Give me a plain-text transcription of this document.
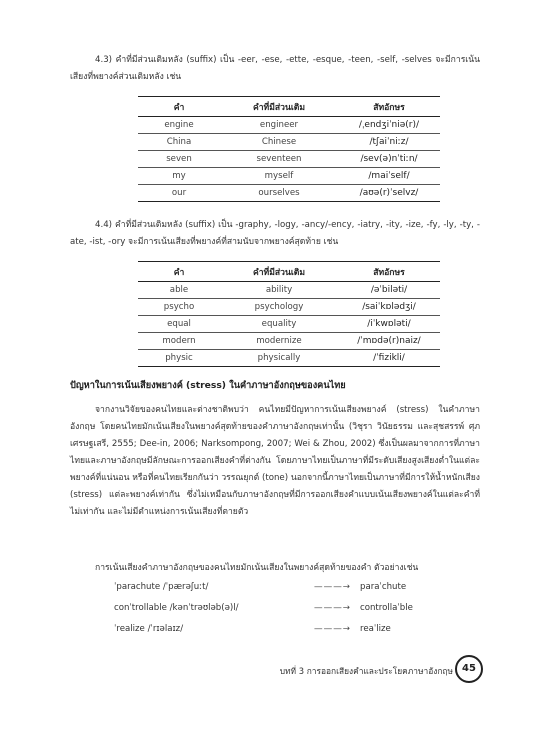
4.3) คำที่มีส่วนเติมหลัง (suffix) เป็น -eer, -ese, -ette, -esque, -teen, -self, -selves จะมีการเน้นเสียงที่พยางค์ส่วนเติมหลัง เช่น

คำ	คำที่มีส่วนเติม	สัทอักษร
engine	engineer	/ˌendʒiˈniə(r)/
China	Chinese	/tʃaiˈniːz/
seven	seventeen	/sev(ə)nˈtiːn/
my	myself	/maiˈself/
our	ourselves	/aʊə(r)ˈselvz/

4.4) คำที่มีส่วนเติมหลัง (suffix) เป็น -graphy, -logy, -ancy/-ency, -iatry, -ity, -ize, -fy, -ly, -ty, -ate, -ist, -ory จะมีการเน้นเสียงที่พยางค์ที่สามนับจากพยางค์สุดท้าย เช่น

คำ	คำที่มีส่วนเติม	สัทอักษร
able	ability	/əˈbiləti/
psycho	psychology	/saiˈkɒlədʒi/
equal	equality	/iˈkwɒləti/
modern	modernize	/ˈmɒdə(r)naiz/
physic	physically	/ˈfizikli/
ปัญหาในการเน้นเสียงพยางค์ (stress) ในคำภาษาอังกฤษของคนไทย

จากงานวิจัยของคนไทยและต่างชาติพบว่า คนไทยมีปัญหาการเน้นเสียงพยางค์ (stress) ในคำภาษาอังกฤษ โดยคนไทยมักเน้นเสียงในพยางค์สุดท้ายของคำภาษาอังกฤษเท่านั้น (วิชุรา วินัยธรรม และสุชสรรพ์ ศุภเศรษฐเสรี, 2555; Dee-in, 2006; Narksompong, 2007; Wei & Zhou, 2002) ซึ่งเป็นผลมาจากการที่ภาษาไทยและภาษาอังกฤษมีลักษณะการออกเสียงคำที่ต่างกัน โดยภาษาไทยเป็นภาษาที่มีระดับเสียงสูงเสียงต่ำในแต่ละพยางค์ที่แน่นอน หรือที่คนไทยเรียกกันว่า วรรณยุกต์ (tone) นอกจากนี้ภาษาไทยเป็นภาษาที่มีการให้น้ำหนักเสียง (stress) แต่ละพยางค์เท่ากัน ซึ่งไม่เหมือนกับภาษาอังกฤษที่มีการออกเสียงคำแบบเน้นเสียงพยางค์ในแต่ละคำที่ไม่เท่ากัน และไม่มีตำแหน่งการเน้นเสียงที่ตายตัว

การเน้นเสียงคำภาษาอังกฤษของคนไทยมักเน้นเสียงในพยางค์สุดท้ายของคำ ตัวอย่างเช่น

ˈparachute /ˈpærəʃuːt/	———→ paraˈchute
conˈtrollable /kənˈtrəʊləb(ə)l/	———→ controllaˈble
ˈrealize /ˈrɪəlaɪz/	———→ reaˈlize
บทที่ 3 การออกเสียงคำและประโยคภาษาอังกฤษ 45
